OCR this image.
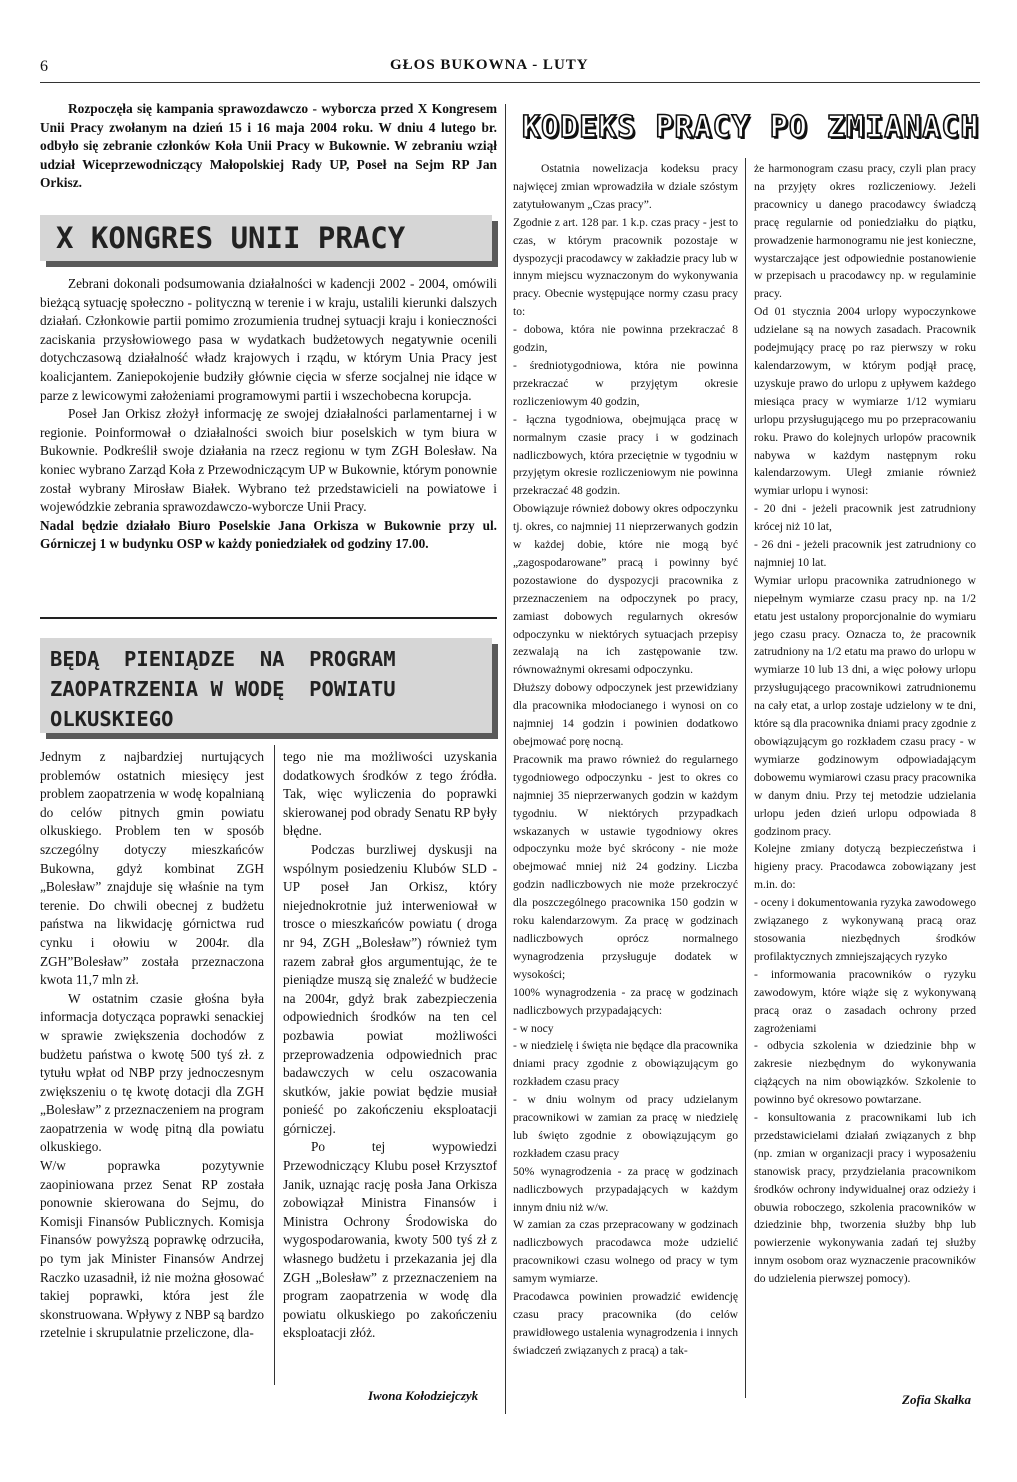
6	GŁOS BUKOWNA - LUTY

Rozpoczęła się kampania sprawozdawczo - wyborcza przed X Kongresem Unii Pracy zwołanym na dzień 15 i 16 maja 2004 roku. W dniu 4 lutego br. odbyło się zebranie członków Koła Unii Pracy w Bukownie. W zebraniu wziął udział Wiceprzewodniczący Małopolskiej Rady UP, Poseł na Sejm RP Jan Orkisz.

X KONGRES UNII PRACY

Zebrani dokonali podsumowania działalności w kadencji 2002 - 2004, omówili bieżącą sytuację społeczno - polityczną w terenie i w kraju, ustalili kierunki dalszych działań. Członkowie partii pomimo zrozumienia trudnej sytuacji kraju i konieczności zaciskania przysłowiowego pasa w wydatkach budżetowych negatywnie ocenili dotychczasową działalność władz krajowych i rządu, w którym Unia Pracy jest koalicjantem. Zaniepokojenie budziły głównie cięcia w sferze socjalnej nie idące w parze z lewicowymi założeniami programowymi partii i wszechobecna korupcja.

Poseł Jan Orkisz złożył informację ze swojej działalności parlamentarnej i w regionie. Poinformował o działalności swoich biur poselskich w tym biura w Bukownie. Podkreślił swoje działania na rzecz regionu w tym ZGH Bolesław. Na koniec wybrano Zarząd Koła z Przewodniczącym UP w Bukownie, którym ponownie został wybrany Mirosław Białek. Wybrano też przedstawicieli na powiatowe i wojewódzkie zebrania sprawozdawczo-wyborcze Unii Pracy.

Nadal będzie działało Biuro Poselskie Jana Orkisza w Bukownie przy ul. Górniczej 1 w budynku OSP w każdy poniedziałek od godziny 17.00.

BĘDĄ  PIENIĄDZE  NA  PROGRAM
ZAOPATRZENIA W WODĘ  POWIATU
OLKUSKIEGO

Jednym z najbardziej nurtujących problemów ostatnich miesięcy jest problem zaopatrzenia w wodę kopalnianą do celów pitnych gmin powiatu olkuskiego. Problem ten w sposób szczególny dotyczy mieszkańców Bukowna, gdyż kombinat ZGH „Bolesław” znajduje się właśnie na tym terenie. Do chwili obecnej z budżetu państwa na likwidację górnictwa rud cynku i ołowiu w 2004r. dla ZGH”Bolesław” została przeznaczona kwota 11,7 mln zł.

W ostatnim czasie głośna była informacja dotycząca poprawki senackiej w sprawie zwiększenia dochodów z budżetu państwa o kwotę 500 tyś zł. z tytułu wpłat od NBP przy jednoczesnym zwiększeniu o tę kwotę dotacji dla ZGH „Bolesław” z przeznaczeniem na program zaopatrzenia w wodę pitną dla powiatu olkuskiego.

W/w poprawka pozytywnie zaopiniowana przez Senat RP została ponownie skierowana do Sejmu, do Komisji Finansów Publicznych. Komisja Finansów powyższą poprawkę odrzuciła, po tym jak Minister Finansów Andrzej Raczko uzasadnił, iż nie można głosować takiej poprawki, która jest źle skonstruowana. Wpływy z NBP są bardzo rzetelnie i skrupulatnie przeliczone, dla-

tego nie ma możliwości uzyskania dodatkowych środków z tego źródła. Tak, więc wyliczenia do poprawki skierowanej pod obrady Senatu RP były błędne.

Podczas burzliwej dyskusji na wspólnym posiedzeniu Klubów SLD - UP poseł Jan Orkisz, który niejednokrotnie już interweniował w trosce o mieszkańców powiatu ( droga nr 94, ZGH „Bolesław”) również tym razem zabrał głos argumentując, że te pieniądze muszą się znaleźć w budżecie na 2004r, gdyż brak zabezpieczenia odpowiednich środków na ten cel pozbawia powiat możliwości przeprowadzenia odpowiednich prac badawczych w celu oszacowania skutków, jakie powiat będzie musiał ponieść po zakończeniu eksploatacji górniczej.

Po tej wypowiedzi Przewodniczący Klubu poseł Krzysztof Janik, uznając rację posła Jana Orkisza zobowiązał Ministra Finansów i Ministra Ochrony Środowiska do wygospodarowania, kwoty 500 tyś zł z własnego budżetu i przekazania jej dla ZGH „Bolesław” z przeznaczeniem na program zaopatrzenia w wodę dla powiatu olkuskiego po zakończeniu eksploatacji złóż.

Iwona Kołodziejczyk
KODEKS PRACY PO ZMIANACH

Ostatnia nowelizacja kodeksu pracy najwięcej zmian wprowadziła w dziale szóstym zatytułowanym „Czas pracy”.

Zgodnie z art. 128 par. 1 k.p. czas pracy - jest to czas, w którym pracownik pozostaje w dyspozycji pracodawcy w zakładzie pracy lub w innym miejscu wyznaczonym do wykonywania pracy. Obecnie występujące normy czasu pracy to:

- dobowa, która nie powinna przekraczać 8 godzin,

- średniotygodniowa, która nie powinna przekraczać w przyjętym okresie rozliczeniowym 40 godzin,

- łączna tygodniowa, obejmująca pracę w normalnym czasie pracy i w godzinach nadliczbowych, która przeciętnie w tygodniu w przyjętym okresie rozliczeniowym nie powinna przekraczać 48 godzin.

Obowiązuje również dobowy okres odpoczynku tj. okres, co najmniej 11 nieprzerwanych godzin w każdej dobie, które nie mogą być „zagospodarowane” pracą i powinny być pozostawione do dyspozycji pracownika z przeznaczeniem na odpoczynek po pracy, zamiast dobowych regularnych okresów odpoczynku w niektórych sytuacjach przepisy zezwalają na ich zastępowanie tzw. równoważnymi okresami odpoczynku.

Dłuższy dobowy odpoczynek jest przewidziany dla pracownika młodocianego i wynosi on co najmniej 14 godzin i powinien dodatkowo obejmować porę nocną.

Pracownik ma prawo również do regularnego tygodniowego odpoczynku - jest to okres co najmniej 35 nieprzerwanych godzin w każdym tygodniu. W niektórych przypadkach wskazanych w ustawie tygodniowy okres odpoczynku może być skrócony - nie może obejmować mniej niż 24 godziny. Liczba godzin nadliczbowych nie może przekroczyć dla poszczególnego pracownika 150 godzin w roku kalendarzowym. Za pracę w godzinach nadliczbowych oprócz normalnego wynagrodzenia przysługuje dodatek w wysokości;

100% wynagrodzenia - za pracę w godzinach nadliczbowych przypadających:

- w nocy

- w niedzielę i święta nie będące dla pracownika dniami pracy zgodnie z obowiązującym go rozkładem czasu pracy

- w dniu wolnym od pracy udzielanym pracownikowi w zamian za pracę w niedzielę lub święto zgodnie z obowiązującym go rozkładem czasu pracy

50% wynagrodzenia - za pracę w godzinach nadliczbowych przypadających w każdym innym dniu niż w/w.

W zamian za czas przepracowany w godzinach nadliczbowych pracodawca może udzielić pracownikowi czasu wolnego od pracy w tym samym wymiarze.

Pracodawca powinien prowadzić ewidencję czasu pracy pracownika (do celów prawidłowego ustalenia wynagrodzenia i innych świadczeń związanych z pracą) a tak-

że harmonogram czasu pracy, czyli plan pracy na przyjęty okres rozliczeniowy. Jeżeli pracownicy u danego pracodawcy świadczą pracę regularnie od poniedziałku do piątku, prowadzenie harmonogramu nie jest konieczne, wystarczające jest odpowiednie postanowienie w przepisach u pracodawcy np. w regulaminie pracy.

Od 01 stycznia 2004 urlopy wypoczynkowe udzielane są na nowych zasadach. Pracownik podejmujący pracę po raz pierwszy w roku kalendarzowym, w którym podjął pracę, uzyskuje prawo do urlopu z upływem każdego miesiąca pracy w wymiarze 1/12 wymiaru urlopu przysługującego mu po przepracowaniu roku. Prawo do kolejnych urlopów pracownik nabywa w każdym następnym roku kalendarzowym. Uległ zmianie również wymiar urlopu i wynosi:

- 20 dni - jeżeli pracownik jest zatrudniony krócej niż 10 lat,

- 26 dni - jeżeli pracownik jest zatrudniony co najmniej 10 lat.

Wymiar urlopu pracownika zatrudnionego w niepełnym wymiarze czasu pracy np. na 1/2 etatu jest ustalony proporcjonalnie do wymiaru jego czasu pracy. Oznacza to, że pracownik zatrudniony na 1/2 etatu ma prawo do urlopu w wymiarze 10 lub 13 dni, a więc połowy urlopu przysługującego pracownikowi zatrudnionemu na cały etat, a urlop zostaje udzielony w te dni, które są dla pracownika dniami pracy zgodnie z obowiązującym go rozkładem czasu pracy - w wymiarze godzinowym odpowiadającym dobowemu wymiarowi czasu pracy pracownika w danym dniu. Przy tej metodzie udzielania urlopu jeden dzień urlopu odpowiada 8 godzinom pracy.

Kolejne zmiany dotyczą bezpieczeństwa i higieny pracy. Pracodawca zobowiązany jest m.in. do:

- oceny i dokumentowania ryzyka zawodowego związanego z wykonywaną pracą oraz stosowania niezbędnych środków profilaktycznych zmniejszających ryzyko

- informowania pracowników o ryzyku zawodowym, które wiąże się z wykonywaną pracą oraz o zasadach ochrony przed zagrożeniami

- odbycia szkolenia w dziedzinie bhp w zakresie niezbędnym do wykonywania ciążących na nim obowiązków. Szkolenie to powinno być okresowo powtarzane.

- konsultowania z pracownikami lub ich przedstawicielami działań związanych z bhp (np. zmian w organizacji pracy i wyposażeniu stanowisk pracy, przydzielania pracownikom środków ochrony indywidualnej oraz odzieży i obuwia roboczego, szkolenia pracowników w dziedzinie bhp, tworzenia służby bhp lub powierzenie wykonywania zadań tej służby innym osobom oraz wyznaczenie pracowników do udzielenia pierwszej pomocy).

Zofia Skałka
